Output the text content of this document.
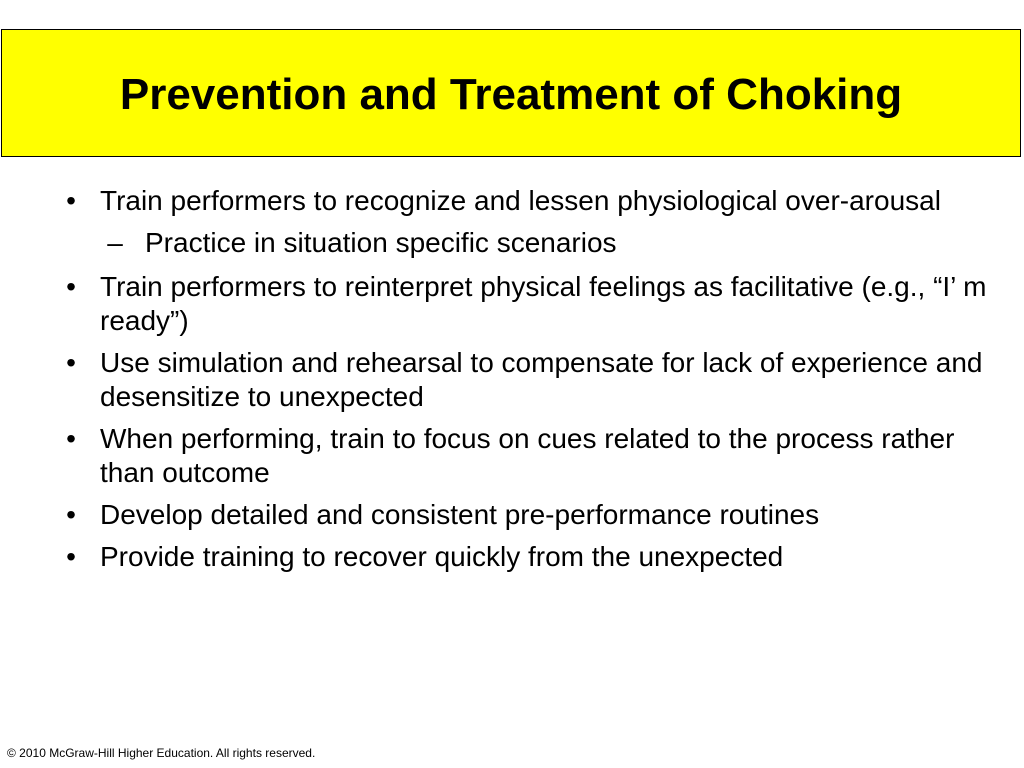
Prevention and Treatment of Choking
• Train performers to recognize and lessen physiological over-arousal
– Practice in situation specific scenarios
• Train performers to reinterpret physical feelings as facilitative (e.g., “I’ m ready”)
• Use simulation and rehearsal to compensate for lack of experience and desensitize to unexpected
• When performing, train to focus on cues related to the process rather than outcome
• Develop detailed and consistent pre-performance routines
• Provide training to recover quickly from the unexpected
© 2010 McGraw-Hill Higher Education. All rights reserved.
